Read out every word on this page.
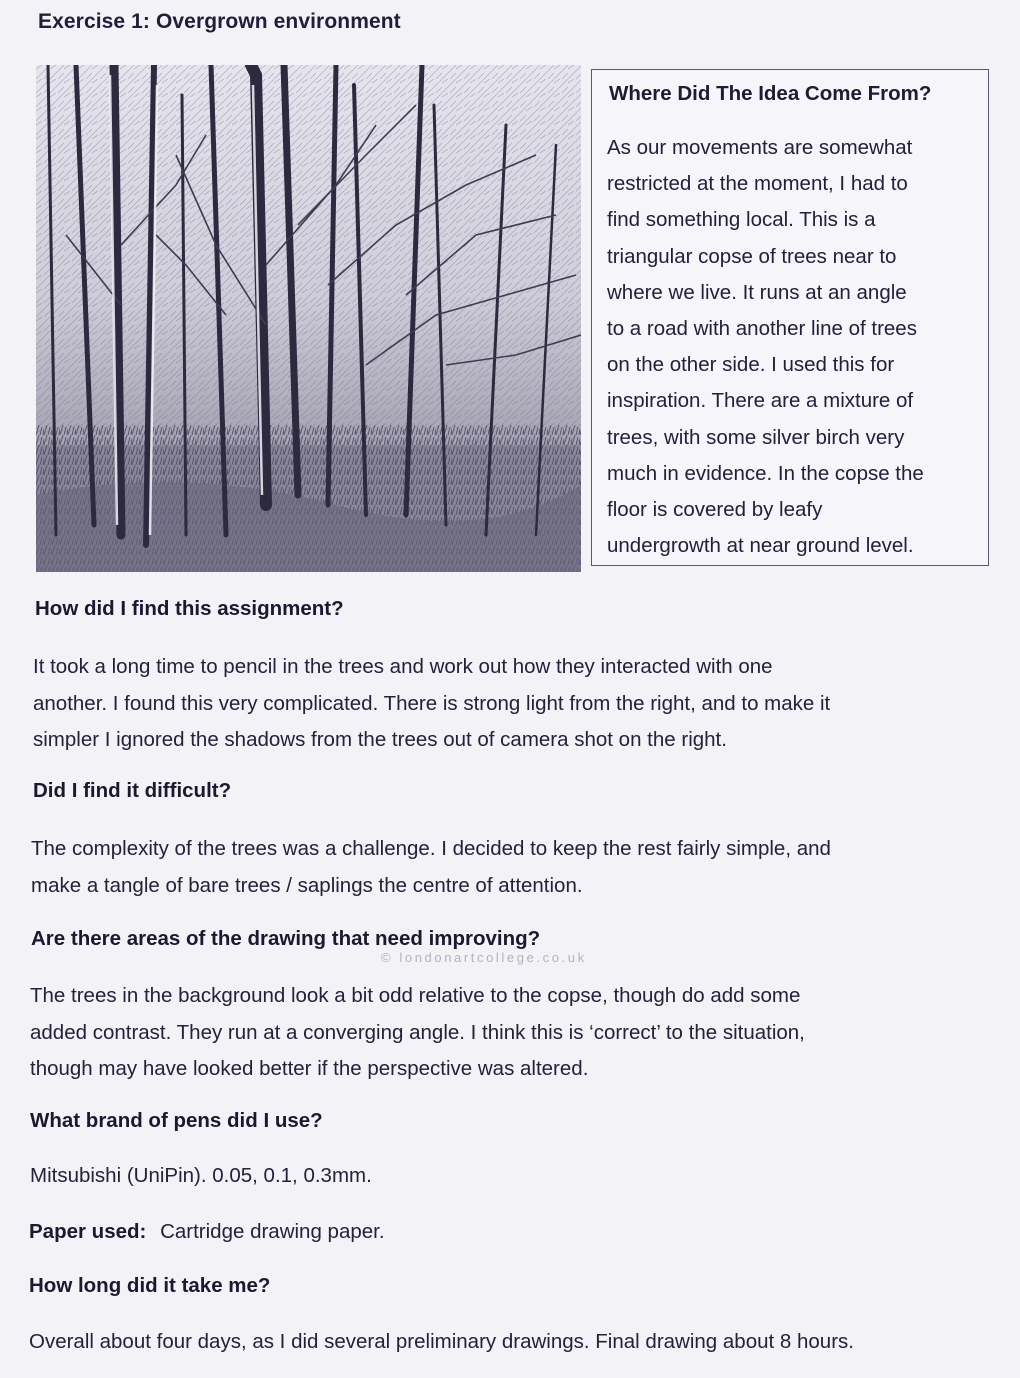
Exercise 1: Overgrown environment
Where Did The Idea Come From?
As our movements are somewhat
restricted at the moment, I had to
find something local. This is a
triangular copse of trees near to
where we live. It runs at an angle
to a road with another line of trees
on the other side. I used this for
inspiration. There are a mixture of
trees, with some silver birch very
much in evidence. In the copse the
floor is covered by leafy
undergrowth at near ground level.
How did I find this assignment?
It took a long time to pencil in the trees and work out how they interacted with one
another. I found this very complicated. There is strong light from the right, and to make it
simpler I ignored the shadows from the trees out of camera shot on the right.
Did I find it difficult?
The complexity of the trees was a challenge. I decided to keep the rest fairly simple, and
make a tangle of bare trees / saplings the centre of attention.
Are there areas of the drawing that need improving?
© londonartcollege.co.uk
The trees in the background look a bit odd relative to the copse, though do add some
added contrast. They run at a converging angle. I think this is ‘correct’ to the situation,
though may have looked better if the perspective was altered.
What brand of pens did I use?
Mitsubishi (UniPin). 0.05, 0.1, 0.3mm.
Paper used: Cartridge drawing paper.
How long did it take me?
Overall about four days, as I did several preliminary drawings. Final drawing about 8 hours.
